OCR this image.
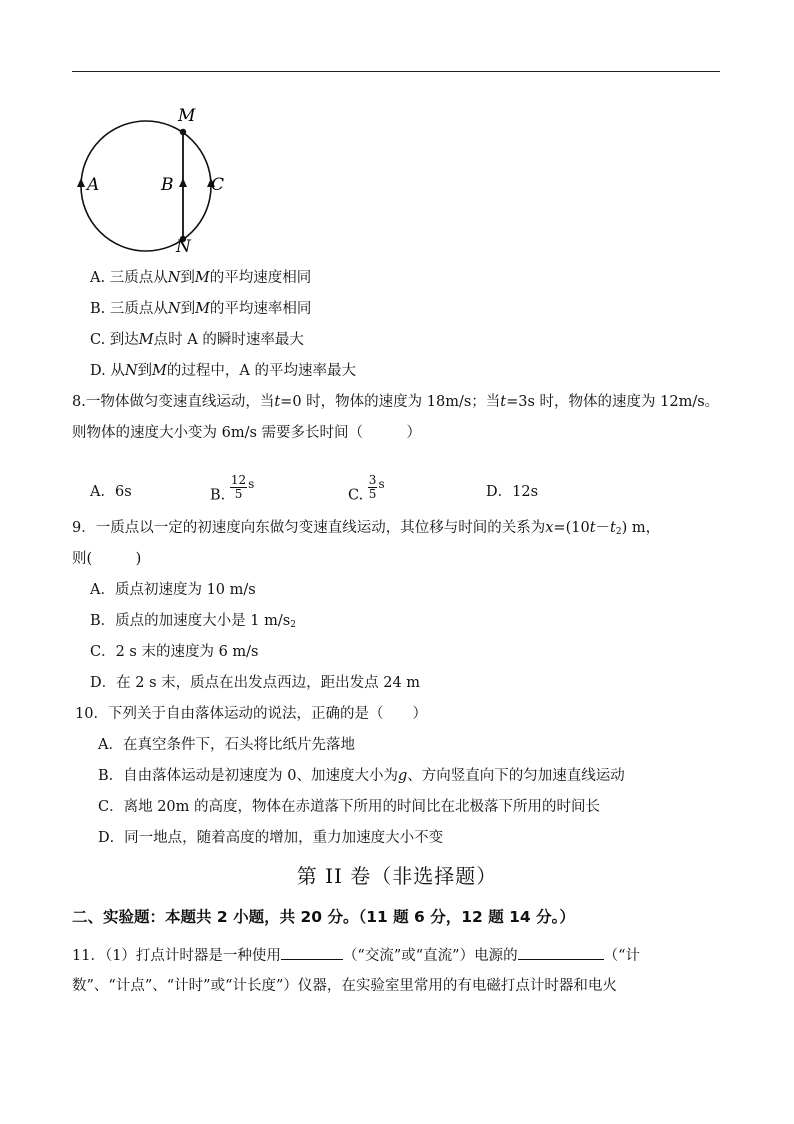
M
N
A	B C
A. 三质点从N到M的平均速度相同
B. 三质点从N到M的平均速率相同
C. 到达M点时 A 的瞬时速率最大
D. 从N到M的过程中，A 的平均速率最大
8.一物体做匀变速直线运动，当t=0 时，物体的速度为 18m/s；当t=3s 时，物体的速度为 12m/s。
则物体的速度大小变为 6m/s 需要多长时间（　　　）
A．6s	B. $\frac{12}{5} ^s$
C. $\frac{3}{5} ^s$
D．12s
9．一质点以一定的初速度向东做匀变速直线运动，其位移与时间的关系为$x=(10t-t^2)$ m，
则(　　　)
A．质点初速度为 10 m/s
B．质点的加速度大小是 1 $m/s^2$
C．2 s 末的速度为 6 m/s
D．在 2 s 末，质点在出发点西边，距出发点 24 m
10．下列关于自由落体运动的说法，正确的是（　　）
A．在真空条件下，石头将比纸片先落地
B．自由落体运动是初速度为 0、加速度大小为g、方向竖直向下的匀加速直线运动
C．离地 20m 的高度，物体在赤道落下所用的时间比在北极落下所用的时间长
D．同一地点，随着高度的增加，重力加速度大小不变
第 II 卷（非选择题）
二、实验题：本题共 2 小题，共 20 分。（11 题 6 分，12 题 14 分。）
11．（1）打点计时器是一种使用	（“交流”或“直流”）电源的	（“计
数”、“计点”、“计时”或“计长度”）仪器，在实验室里常用的有电磁打点计时器和电火
